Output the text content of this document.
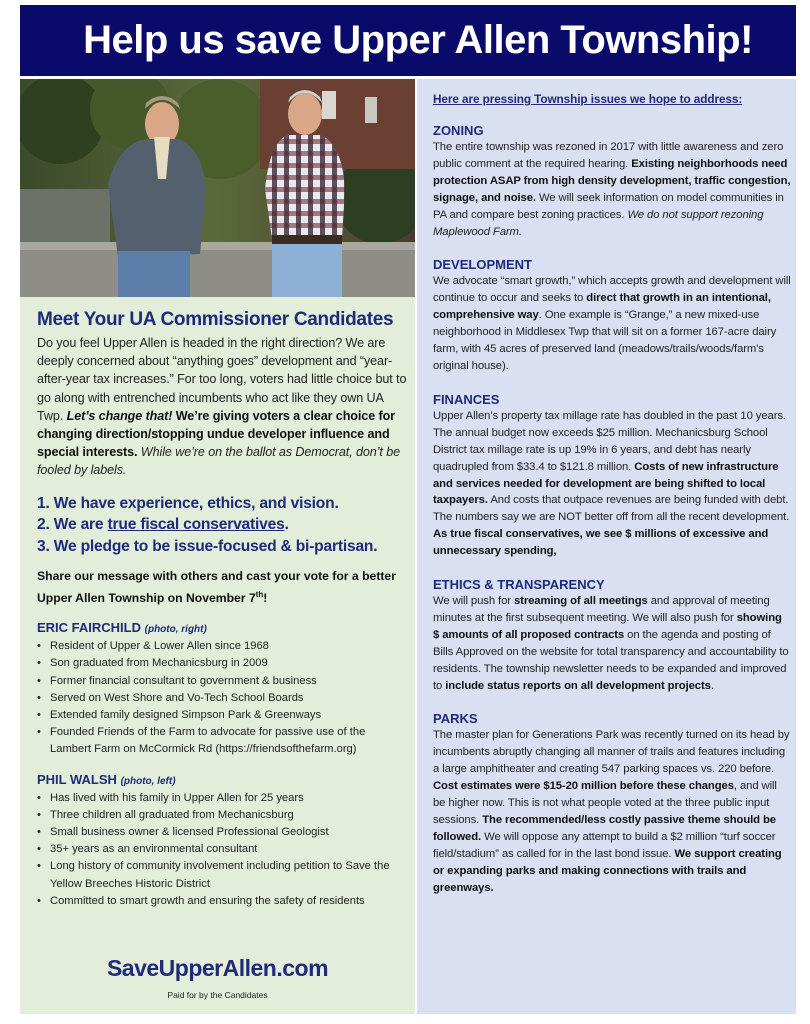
Help us save Upper Allen Township!
Meet Your UA Commissioner Candidates

Do you feel Upper Allen is headed in the right direction? We are deeply concerned about “anything goes” development and “year-after-year tax increases.” For too long, voters had little choice but to go along with entrenched incumbents who act like they own UA Twp. Let’s change that! We’re giving voters a clear choice for changing direction/stopping undue developer influence and special interests. While we’re on the ballot as Democrat, don’t be fooled by labels.

1. We have experience, ethics, and vision.
2. We are true fiscal conservatives.
3. We pledge to be issue-focused & bi-partisan.

Share our message with others and cast your vote for a better Upper Allen Township on November 7th!

ERIC FAIRCHILD (photo, right)
• Resident of Upper & Lower Allen since 1968
• Son graduated from Mechanicsburg in 2009
• Former financial consultant to government & business
• Served on West Shore and Vo-Tech School Boards
• Extended family designed Simpson Park & Greenways
• Founded Friends of the Farm to advocate for passive use of the Lambert Farm on McCormick Rd (https://friendsofthefarm.org)
PHIL WALSH (photo, left)
• Has lived with his family in Upper Allen for 25 years
• Three children all graduated from Mechanicsburg
• Small business owner & licensed Professional Geologist
• 35+ years as an environmental consultant
• Long history of community involvement including petition to Save the Yellow Breeches Historic District
• Committed to smart growth and ensuring the safety of residents
SaveUpperAllen.com
Paid for by the Candidates
Here are pressing Township issues we hope to address:
ZONING

The entire township was rezoned in 2017 with little awareness and zero public comment at the required hearing. Existing neighborhoods need protection ASAP from high density development, traffic congestion, signage, and noise. We will seek information on model communities in PA and compare best zoning practices. We do not support rezoning Maplewood Farm.

DEVELOPMENT

We advocate “smart growth,” which accepts growth and development will continue to occur and seeks to direct that growth in an intentional, comprehensive way. One example is “Grange,” a new mixed-use neighborhood in Middlesex Twp that will sit on a former 167-acre dairy farm, with 45 acres of preserved land (meadows/trails/woods/farm's original house).

FINANCES

Upper Allen’s property tax millage rate has doubled in the past 10 years. The annual budget now exceeds $25 million. Mechanicsburg School District tax millage rate is up 19% in 6 years, and debt has nearly quadrupled from $33.4 to $121.8 million. Costs of new infrastructure and services needed for development are being shifted to local taxpayers. And costs that outpace revenues are being funded with debt. The numbers say we are NOT better off from all the recent development. As true fiscal conservatives, we see $ millions of excessive and unnecessary spending,

ETHICS & TRANSPARENCY

We will push for streaming of all meetings and approval of meeting minutes at the first subsequent meeting. We will also push for showing $ amounts of all proposed contracts on the agenda and posting of Bills Approved on the website for total transparency and accountability to residents. The township newsletter needs to be expanded and improved to include status reports on all development projects.

PARKS

The master plan for Generations Park was recently turned on its head by incumbents abruptly changing all manner of trails and features including a large amphitheater and creating 547 parking spaces vs. 220 before. Cost estimates were $15-20 million before these changes, and will be higher now. This is not what people voted at the three public input sessions. The recommended/less costly passive theme should be followed. We will oppose any attempt to build a $2 million “turf soccer field/stadium” as called for in the last bond issue. We support creating or expanding parks and making connections with trails and greenways.
